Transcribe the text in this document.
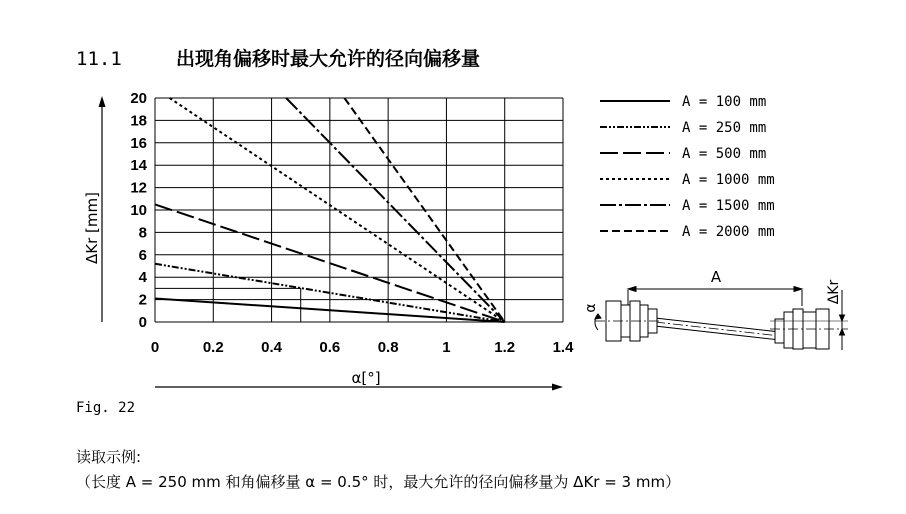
11.1	出现角偏移时最大允许的径向偏移量
0
2
4
6
8
10
12
14
16
18
20
0	0.2 0.4 0.6 0.8	1	1.2 1.4
A = 100 mm
A = 250 mm
A = 500 mm
A = 1000 mm
A = 1500 mm
A = 2000 mm
ΔKr [mm]
α[°]
A
ΔKr
α
Fig. 22
读取示例:
（长度 A = 250 mm 和角偏移量 α = 0.5° 时，最大允许的径向偏移量为 ΔKr = 3 mm）
